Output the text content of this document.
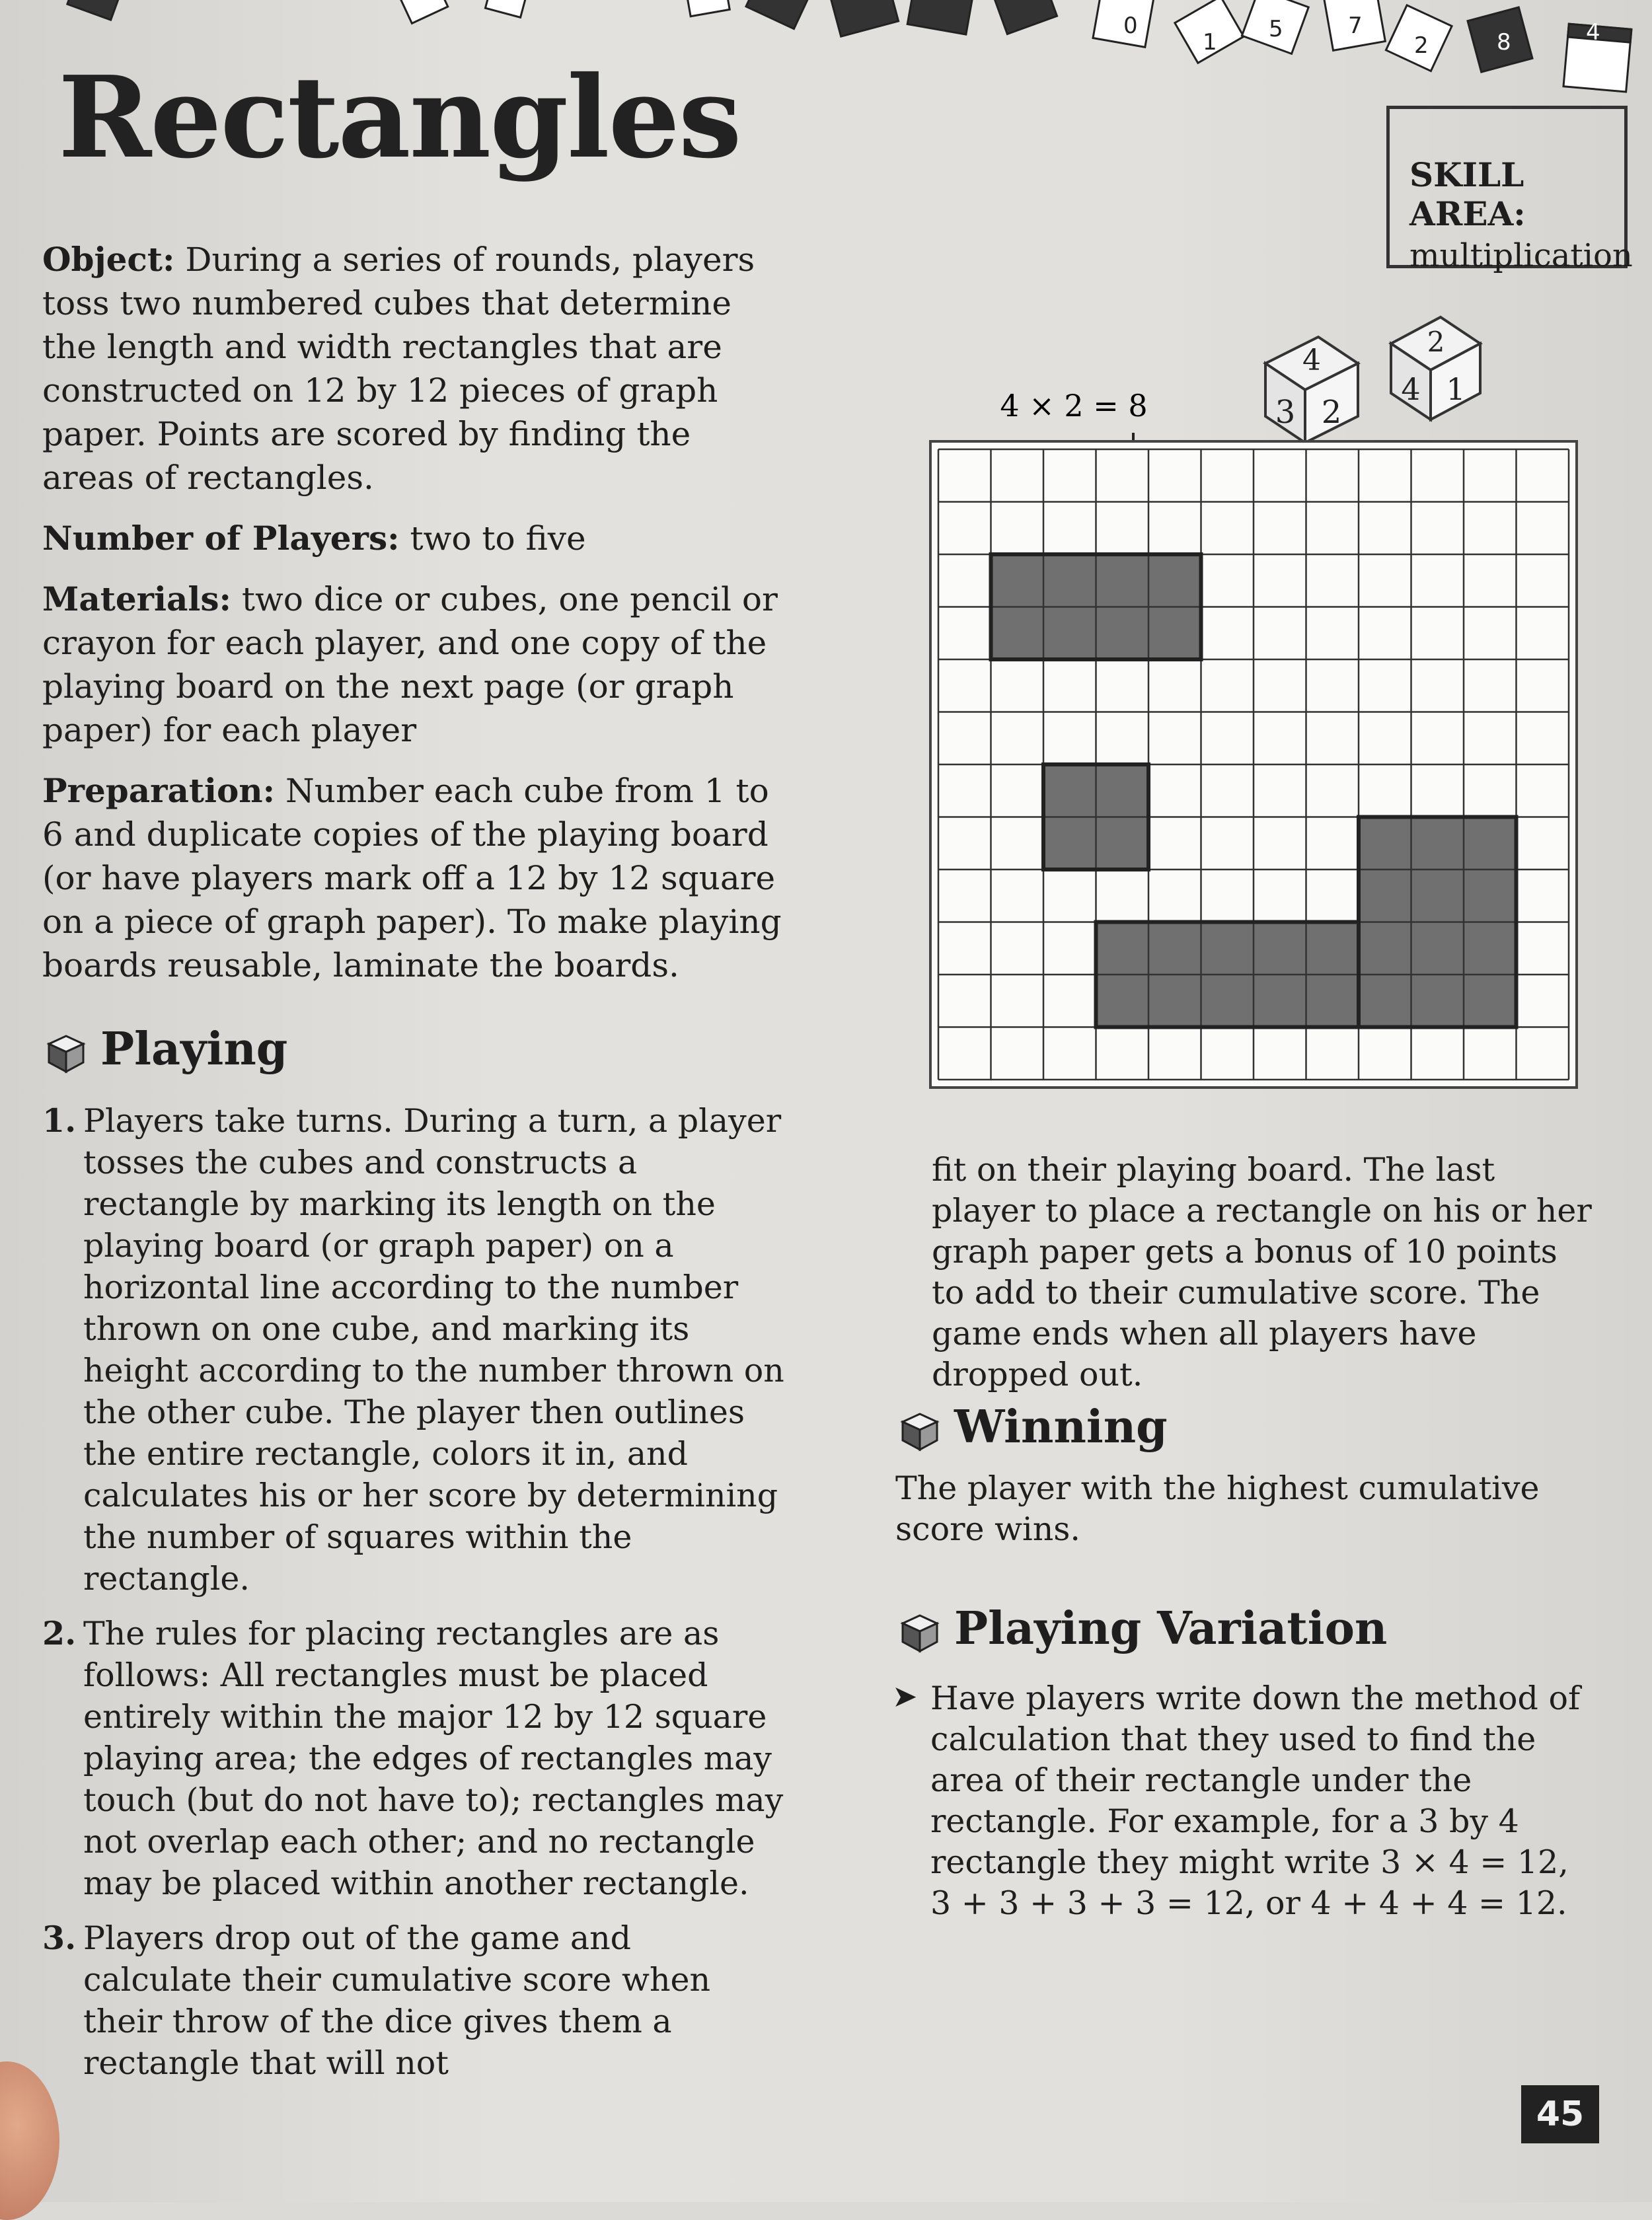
0
1 5	7
2	8	4
Rectangles	SKILL AREA:
multiplication

Object: During a series of rounds, players toss two numbered cubes that determine the length and width rectangles that are constructed on 12 by 12 pieces of graph paper. Points are scored by finding the areas of rectangles.

Number of Players: two to five

Materials: two dice or cubes, one pencil or crayon for each player, and one copy of the playing board on the next page (or graph paper) for each player

Preparation: Number each cube from 1 to 6 and duplicate copies of the playing board (or have players mark off a 12 by 12 square on a piece of graph paper). To make playing boards reusable, laminate the boards.

4 × 2 = 8
4
3 2
2
4 1
Playing
1. Players take turns. During a turn, a player tosses the cubes and constructs a rectangle by marking its length on the playing board (or graph paper) on a horizontal line according to the number thrown on one cube, and marking its height according to the number thrown on the other cube. The player then outlines the entire rectangle, colors it in, and calculates his or her score by determining the number of squares within the rectangle.
2. The rules for placing rectangles are as follows: All rectangles must be placed entirely within the major 12 by 12 square playing area; the edges of rectangles may touch (but do not have to); rectangles may not overlap each other; and no rectangle may be placed within another rectangle.
3. Players drop out of the game and calculate their cumulative score when their throw of the dice gives them a rectangle that will not

fit on their playing board. The last player to place a rectangle on his or her graph paper gets a bonus of 10 points to add to their cumulative score. The game ends when all players have dropped out.

Winning

The player with the highest cumulative score wins.

Playing Variation
➤ Have players write down the method of calculation that they used to find the area of their rectangle under the rectangle. For example, for a 3 by 4 rectangle they might write 3 × 4 = 12, 3 + 3 + 3 + 3 = 12, or 4 + 4 + 4 = 12.

45
